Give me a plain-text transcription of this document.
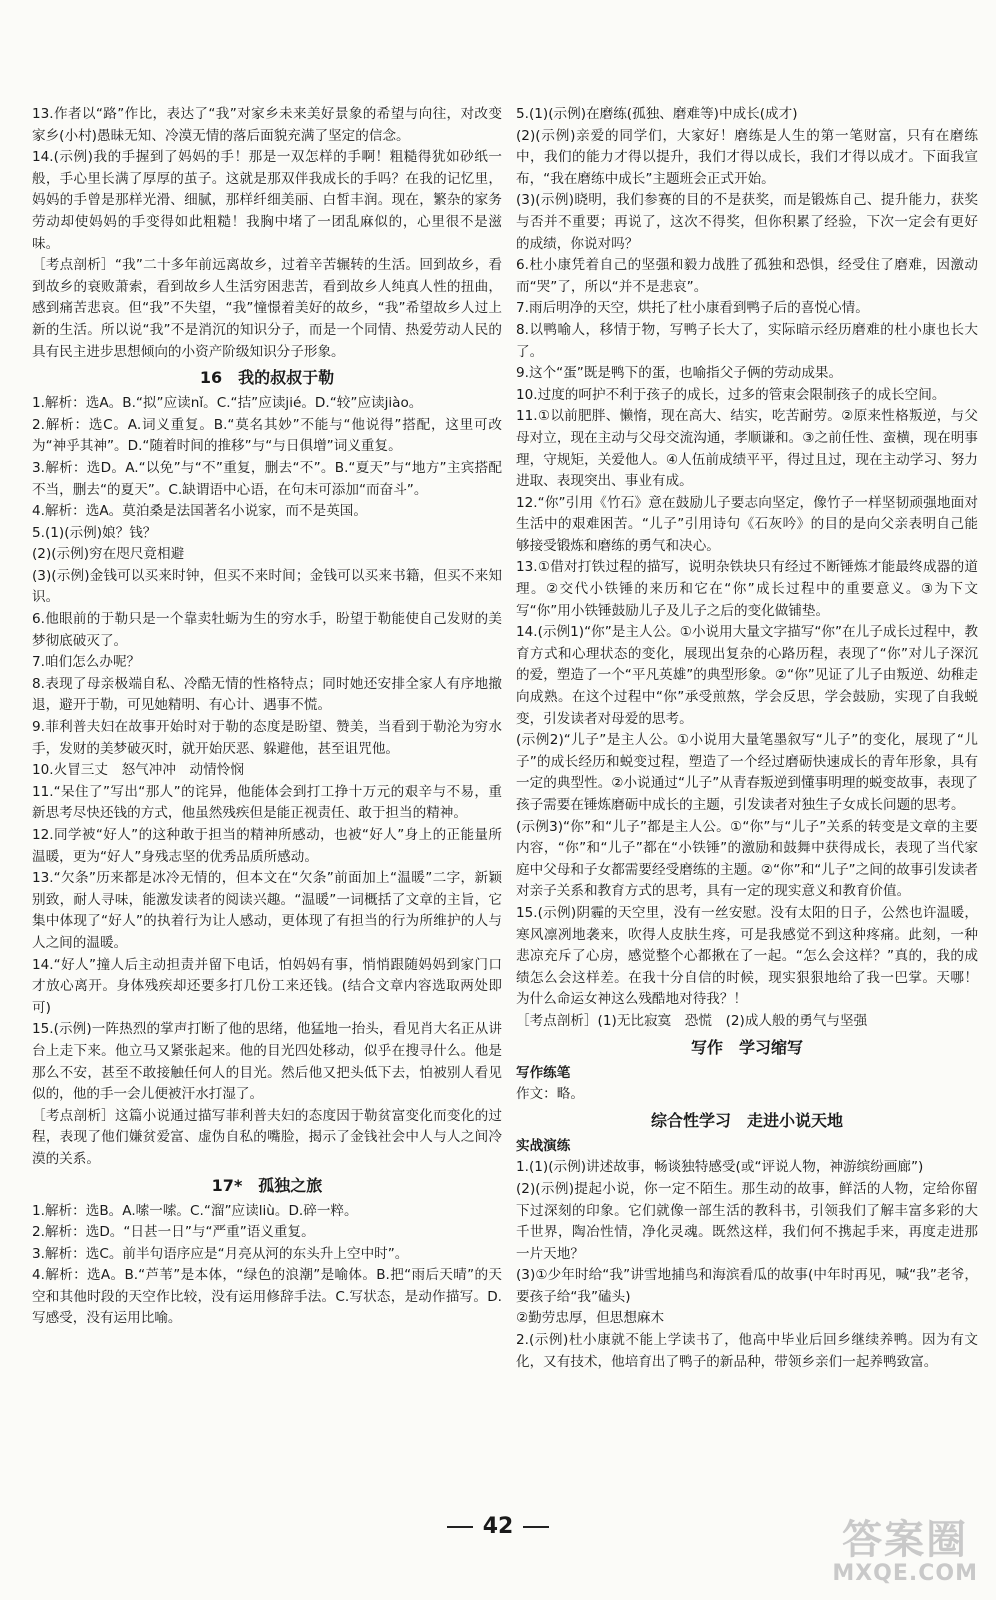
13.作者以“路”作比，表达了“我”对家乡未来美好景象的希望与向往，对改变家乡(小村)愚昧无知、冷漠无情的落后面貌充满了坚定的信念。
14.(示例)我的手握到了妈妈的手！那是一双怎样的手啊！粗糙得犹如砂纸一般，手心里长满了厚厚的茧子。这就是那双伴我成长的手吗？在我的记忆里，妈妈的手曾是那样光滑、细腻，那样纤细美丽、白皙丰润。现在，繁杂的家务劳动却使妈妈的手变得如此粗糙！我胸中堵了一团乱麻似的，心里很不是滋味。
［考点剖析］“我”二十多年前远离故乡，过着辛苦辗转的生活。回到故乡，看到故乡的衰败萧索，看到故乡人生活穷困悲苦，看到故乡人纯真人性的扭曲，感到痛苦悲哀。但“我”不失望，“我”憧憬着美好的故乡，“我”希望故乡人过上新的生活。所以说“我”不是消沉的知识分子，而是一个同情、热爱劳动人民的具有民主进步思想倾向的小资产阶级知识分子形象。
16　我的叔叔于勒
1.解析：选A。B.“拟”应读nǐ。C.“拮”应读jié。D.“较”应读jiào。
2.解析：选C。A.词义重复。B.“莫名其妙”不能与“他说得”搭配，这里可改为“神乎其神”。D.“随着时间的推移”与“与日俱增”词义重复。
3.解析：选D。A.“以免”与“不”重复，删去“不”。B.“夏天”与“地方”主宾搭配不当，删去“的夏天”。C.缺谓语中心语，在句末可添加“而奋斗”。
4.解析：选A。莫泊桑是法国著名小说家，而不是英国。
5.(1)(示例)娘？钱？
(2)(示例)穷在咫尺竟相避
(3)(示例)金钱可以买来时钟，但买不来时间；金钱可以买来书籍，但买不来知识。
6.他眼前的于勒只是一个靠卖牡蛎为生的穷水手，盼望于勒能使自己发财的美梦彻底破灭了。
7.咱们怎么办呢？
8.表现了母亲极端自私、冷酷无情的性格特点；同时她还安排全家人有序地撤退，避开于勒，可见她精明、有心计、遇事不慌。
9.菲利普夫妇在故事开始时对于勒的态度是盼望、赞美，当看到于勒沦为穷水手，发财的美梦破灭时，就开始厌恶、躲避他，甚至诅咒他。
10.火冒三丈　怒气冲冲　动情怜悯
11.“呆住了”写出“那人”的诧异，他能体会到打工挣十万元的艰辛与不易，重新思考尽快还钱的方式，他虽然残疾但是能正视责任、敢于担当的精神。
12.同学被“好人”的这种敢于担当的精神所感动，也被“好人”身上的正能量所温暖，更为“好人”身残志坚的优秀品质所感动。
13.“欠条”历来都是冰冷无情的，但本文在“欠条”前面加上“温暖”二字，新颖别致，耐人寻味，能激发读者的阅读兴趣。“温暖”一词概括了文章的主旨，它集中体现了“好人”的执着行为让人感动，更体现了有担当的行为所维护的人与人之间的温暖。
14.“好人”撞人后主动担责并留下电话，怕妈妈有事，悄悄跟随妈妈到家门口才放心离开。身体残疾却还要多打几份工来还钱。(结合文章内容选取两处即可)
15.(示例)一阵热烈的掌声打断了他的思绪，他猛地一抬头，看见肖大名正从讲台上走下来。他立马又紧张起来。他的目光四处移动，似乎在搜寻什么。他是那么不安，甚至不敢接触任何人的目光。然后他又把头低下去，怕被别人看见似的，他的手一会儿便被汗水打湿了。
［考点剖析］这篇小说通过描写菲利普夫妇的态度因于勒贫富变化而变化的过程，表现了他们嫌贫爱富、虚伪自私的嘴脸，揭示了金钱社会中人与人之间冷漠的关系。
17*　孤独之旅
1.解析：选B。A.嗦一嗦。C.“溜”应读liù。D.碎一粹。
2.解析：选D。“日甚一日”与“严重”语义重复。
3.解析：选C。前半句语序应是“月亮从河的东头升上空中时”。
4.解析：选A。B.“芦苇”是本体，“绿色的浪潮”是喻体。B.把“雨后天晴”的天空和其他时段的天空作比较，没有运用修辞手法。C.写状态，是动作描写。D.写感受，没有运用比喻。
5.(1)(示例)在磨练(孤独、磨难等)中成长(成才)
(2)(示例)亲爱的同学们，大家好！磨练是人生的第一笔财富，只有在磨练中，我们的能力才得以提升，我们才得以成长，我们才得以成才。下面我宣布，“我在磨练中成长”主题班会正式开始。
(3)(示例)晓明，我们参赛的目的不是获奖，而是锻炼自己、提升能力，获奖与否并不重要；再说了，这次不得奖，但你积累了经验，下次一定会有更好的成绩，你说对吗？
6.杜小康凭着自己的坚强和毅力战胜了孤独和恐惧，经受住了磨难，因激动而“哭”了，所以“并不是悲哀”。
7.雨后明净的天空，烘托了杜小康看到鸭子后的喜悦心情。
8.以鸭喻人，移情于物，写鸭子长大了，实际暗示经历磨难的杜小康也长大了。
9.这个“蛋”既是鸭下的蛋，也喻指父子俩的劳动成果。
10.过度的呵护不利于孩子的成长，过多的管束会限制孩子的成长空间。
11.①以前肥胖、懒惰，现在高大、结实，吃苦耐劳。②原来性格叛逆，与父母对立，现在主动与父母交流沟通，孝顺谦和。③之前任性、蛮横，现在明事理，守规矩，关爱他人。④人伍前成绩平平，得过且过，现在主动学习、努力进取、表现突出、事业有成。
12.“你”引用《竹石》意在鼓励儿子要志向坚定，像竹子一样坚韧顽强地面对生活中的艰难困苦。“儿子”引用诗句《石灰吟》的目的是向父亲表明自己能够接受锻炼和磨练的勇气和决心。
13.①借对打铁过程的描写，说明杂铁块只有经过不断锤炼才能最终成器的道理。②交代小铁锤的来历和它在“你”成长过程中的重要意义。③为下文写“你”用小铁锤鼓励儿子及儿子之后的变化做铺垫。
14.(示例1)“你”是主人公。①小说用大量文字描写“你”在儿子成长过程中，教育方式和心理状态的变化，展现出复杂的心路历程，表现了“你”对儿子深沉的爱，塑造了一个“平凡英雄”的典型形象。②“你”见证了儿子由叛逆、幼稚走向成熟。在这个过程中“你”承受煎熬，学会反思，学会鼓励，实现了自我蜕变，引发读者对母爱的思考。
(示例2)“儿子”是主人公。①小说用大量笔墨叙写“儿子”的变化，展现了“儿子”的成长经历和蜕变过程，塑造了一个经过磨砺快速成长的青年形象，具有一定的典型性。②小说通过“儿子”从青春叛逆到懂事明理的蜕变故事，表现了孩子需要在锤炼磨砺中成长的主题，引发读者对独生子女成长问题的思考。
(示例3)“你”和“儿子”都是主人公。①“你”与“儿子”关系的转变是文章的主要内容，“你”和“儿子”都在“小铁锤”的激励和鼓舞中获得成长，表现了当代家庭中父母和子女都需要经受磨练的主题。②“你”和“儿子”之间的故事引发读者对亲子关系和教育方式的思考，具有一定的现实意义和教育价值。
15.(示例)阴霾的天空里，没有一丝安慰。没有太阳的日子，公然也许温暖，寒风凛冽地袭来，吹得人皮肤生疼，可是我感觉不到这种疼痛。此刻，一种悲凉充斥了心房，感觉整个心都揪在了一起。“怎么会这样？”真的，我的成绩怎么会这样差。在我十分自信的时候，现实狠狠地给了我一巴掌。天哪！为什么命运女神这么残酷地对待我？！
［考点剖析］(1)无比寂寞　恐慌　(2)成人般的勇气与坚强
写作　学习缩写
写作练笔
作文：略。
综合性学习　走进小说天地
实战演练
1.(1)(示例)讲述故事，畅谈独特感受(或“评说人物，神游缤纷画廊”)
(2)(示例)提起小说，你一定不陌生。那生动的故事，鲜活的人物，定给你留下过深刻的印象。它们就像一部生活的教科书，引领我们了解丰富多彩的大千世界，陶冶性情，净化灵魂。既然这样，我们何不携起手来，再度走进那一片天地？
(3)①少年时给“我”讲雪地捕鸟和海滨看瓜的故事(中年时再见，喊“我”老爷，要孩子给“我”磕头)
②勤劳忠厚，但思想麻木
2.(示例)杜小康就不能上学读书了，他高中毕业后回乡继续养鸭。因为有文化，又有技术，他培育出了鸭子的新品种，带领乡亲们一起养鸭致富。
42	答案圈
MXQE.COM
